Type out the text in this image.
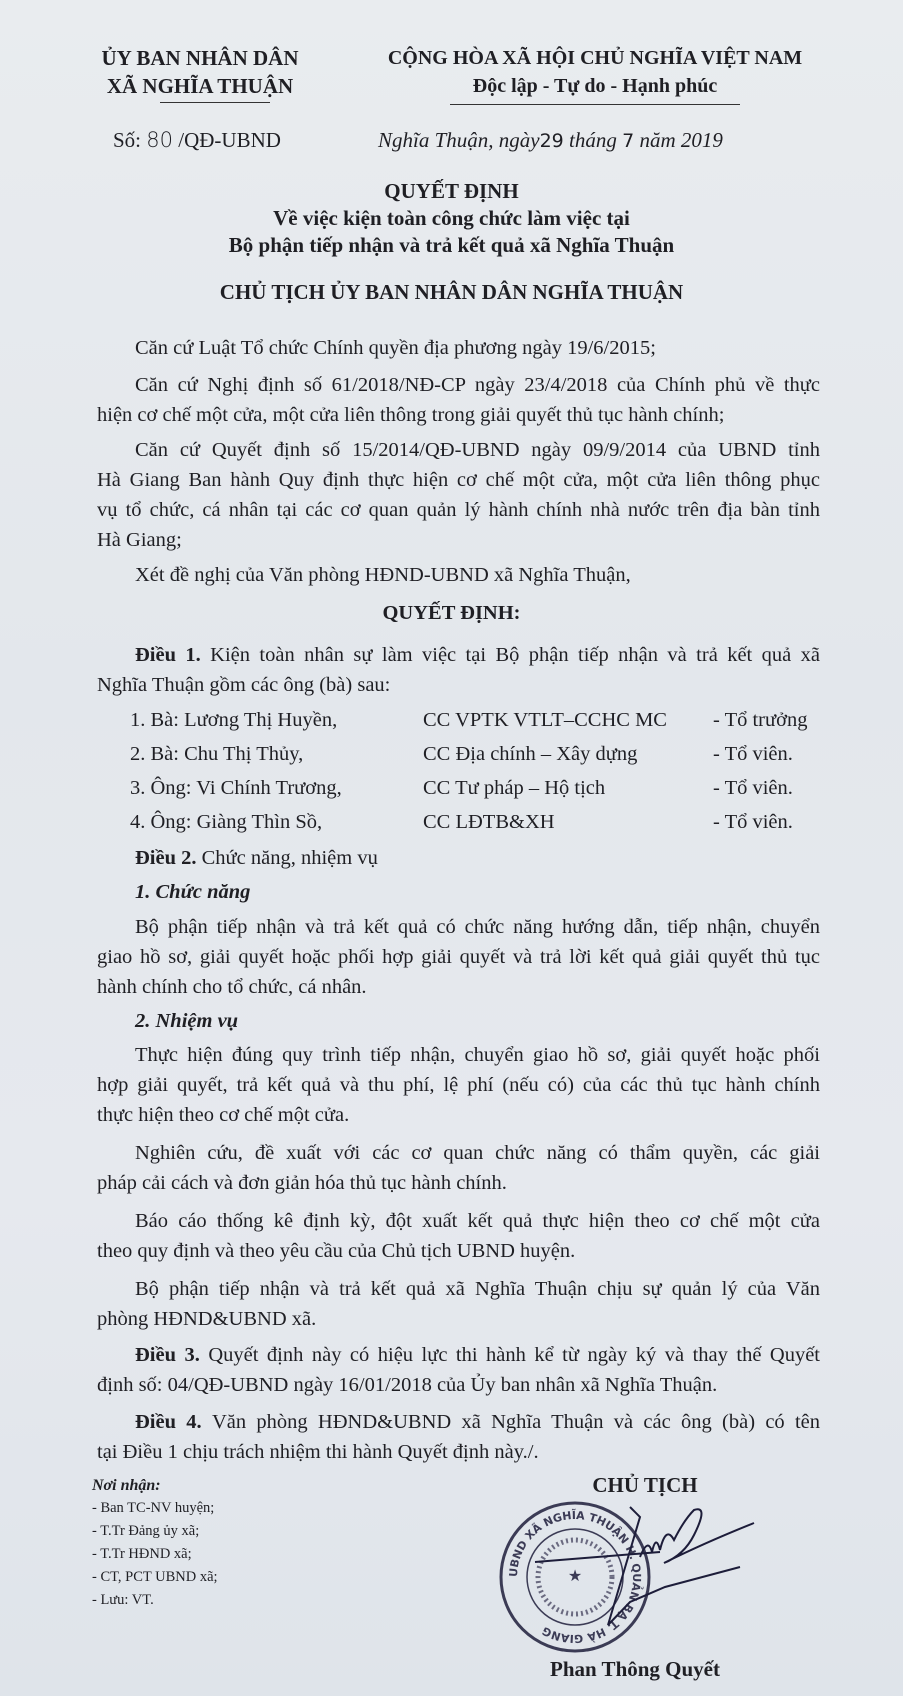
ỦY BAN NHÂN DÂN
XÃ NGHĨA THUẬN
CỘNG HÒA XÃ HỘI CHỦ NGHĨA VIỆT NAM
Độc lập - Tự do - Hạnh phúc
Số: 80 /QĐ-UBND	Nghĩa Thuận, ngày29 tháng 7 năm 2019
QUYẾT ĐỊNH
Về việc kiện toàn công chức làm việc tại
Bộ phận tiếp nhận và trả kết quả xã Nghĩa Thuận
CHỦ TỊCH ỦY BAN NHÂN DÂN NGHĨA THUẬN
Căn cứ Luật Tổ chức Chính quyền địa phương ngày 19/6/2015;
Căn cứ Nghị định số 61/2018/NĐ-CP ngày 23/4/2018 của Chính phủ về thực
hiện cơ chế một cửa, một cửa liên thông trong giải quyết thủ tục hành chính;
Căn cứ Quyết định số 15/2014/QĐ-UBND ngày 09/9/2014 của UBND tỉnh
Hà Giang Ban hành Quy định thực hiện cơ chế một cửa, một cửa liên thông phục
vụ tổ chức, cá nhân tại các cơ quan quản lý hành chính nhà nước trên địa bàn tỉnh
Hà Giang;
Xét đề nghị của Văn phòng HĐND-UBND xã Nghĩa Thuận,
QUYẾT ĐỊNH:
Điều 1. Kiện toàn nhân sự làm việc tại Bộ phận tiếp nhận và trả kết quả xã
Nghĩa Thuận gồm các ông (bà) sau:
1. Bà: Lương Thị Huyền,	CC VPTK VTLT–CCHC MC - Tổ trưởng
2. Bà: Chu Thị Thủy,	CC Địa chính – Xây dựng	- Tổ viên.
3. Ông: Vi Chính Trương,	CC Tư pháp – Hộ tịch	- Tổ viên.
4. Ông: Giàng Thìn Sồ,	CC LĐTB&XH	- Tổ viên.
Điều 2. Chức năng, nhiệm vụ
1. Chức năng
Bộ phận tiếp nhận và trả kết quả có chức năng hướng dẫn, tiếp nhận, chuyển
giao hồ sơ, giải quyết hoặc phối hợp giải quyết và trả lời kết quả giải quyết thủ tục
hành chính cho tổ chức, cá nhân.
2. Nhiệm vụ
Thực hiện đúng quy trình tiếp nhận, chuyển giao hồ sơ, giải quyết hoặc phối
hợp giải quyết, trả kết quả và thu phí, lệ phí (nếu có) của các thủ tục hành chính
thực hiện theo cơ chế một cửa.
Nghiên cứu, đề xuất với các cơ quan chức năng có thẩm quyền, các giải
pháp cải cách và đơn giản hóa thủ tục hành chính.
Báo cáo thống kê định kỳ, đột xuất kết quả thực hiện theo cơ chế một cửa
theo quy định và theo yêu cầu của Chủ tịch UBND huyện.
Bộ phận tiếp nhận và trả kết quả xã Nghĩa Thuận chịu sự quản lý của Văn
phòng HĐND&UBND xã.
Điều 3. Quyết định này có hiệu lực thi hành kể từ ngày ký và thay thế Quyết
định số: 04/QĐ-UBND ngày 16/01/2018 của Ủy ban nhân xã Nghĩa Thuận.
Điều 4. Văn phòng HĐND&UBND xã Nghĩa Thuận và các ông (bà) có tên
tại Điều 1 chịu trách nhiệm thi hành Quyết định này./.
Nơi nhận:
- Ban TC-NV huyện;
- T.Tr Đảng ủy xã;
- T.Tr HĐND xã;
- CT, PCT UBND xã;
- Lưu: VT.
CHỦ TỊCH
UBND XÃ NGHĨA THUẬN H. QUẢN BẠ T. HÀ GIANG
★
Phan Thông Quyết
